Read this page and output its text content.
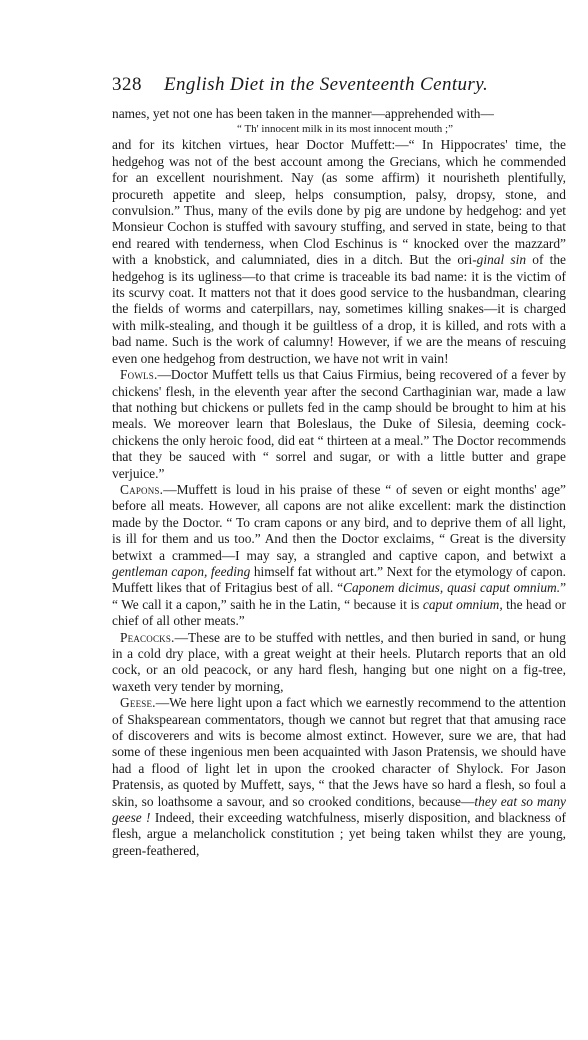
328 English Diet in the Seventeenth Century.

names, yet not one has been taken in the manner—apprehended with—

“ Th' innocent milk in its most innocent mouth ;”

and for its kitchen virtues, hear Doctor Muffett:—“ In Hippocrates' time, the hedgehog was not of the best account among the Grecians, which he commended for an excellent nourishment. Nay (as some affirm) it nourisheth plentifully, procureth appetite and sleep, helps consumption, palsy, dropsy, stone, and convulsion.” Thus, many of the evils done by pig are undone by hedgehog: and yet Monsieur Cochon is stuffed with savoury stuffing, and served in state, being to that end reared with tenderness, when Clod Eschinus is “ knocked over the mazzard” with a knobstick, and calumniated, dies in a ditch. But the ori-ginal sin of the hedgehog is its ugliness—to that crime is traceable its bad name: it is the victim of its scurvy coat. It matters not that it does good service to the husbandman, clearing the fields of worms and caterpillars, nay, sometimes killing snakes—it is charged with milk-stealing, and though it be guiltless of a drop, it is killed, and rots with a bad name. Such is the work of calumny! However, if we are the means of rescuing even one hedgehog from destruction, we have not writ in vain!

Fowls.—Doctor Muffett tells us that Caius Firmius, being recovered of a fever by chickens' flesh, in the eleventh year after the second Carthaginian war, made a law that nothing but chickens or pullets fed in the camp should be brought to him at his meals. We moreover learn that Boleslaus, the Duke of Silesia, deeming cock-chickens the only heroic food, did eat “ thirteen at a meal.” The Doctor recommends that they be sauced with “ sorrel and sugar, or with a little butter and grape verjuice.”

Capons.—Muffett is loud in his praise of these “ of seven or eight months' age” before all meats. However, all capons are not alike excellent: mark the distinction made by the Doctor. “ To cram capons or any bird, and to deprive them of all light, is ill for them and us too.” And then the Doctor exclaims, “ Great is the diversity betwixt a crammed—I may say, a strangled and captive capon, and betwixt a gentleman capon, feeding himself fat without art.” Next for the etymology of capon. Muffett likes that of Fritagius best of all. “Caponem dicimus, quasi caput omnium.” “ We call it a capon,” saith he in the Latin, “ because it is caput omnium, the head or chief of all other meats.”

Peacocks.—These are to be stuffed with nettles, and then buried in sand, or hung in a cold dry place, with a great weight at their heels. Plutarch reports that an old cock, or an old peacock, or any hard flesh, hanging but one night on a fig-tree, waxeth very tender by morning,

Geese.—We here light upon a fact which we earnestly recommend to the attention of Shakspearean commentators, though we cannot but regret that that amusing race of discoverers and wits is become almost extinct. However, sure we are, that had some of these ingenious men been acquainted with Jason Pratensis, we should have had a flood of light let in upon the crooked character of Shylock. For Jason Pratensis, as quoted by Muffett, says, “ that the Jews have so hard a flesh, so foul a skin, so loathsome a savour, and so crooked conditions, because—they eat so many geese ! Indeed, their exceeding watchfulness, miserly disposition, and blackness of flesh, argue a melancholick constitution ; yet being taken whilst they are young, green-feathered,
